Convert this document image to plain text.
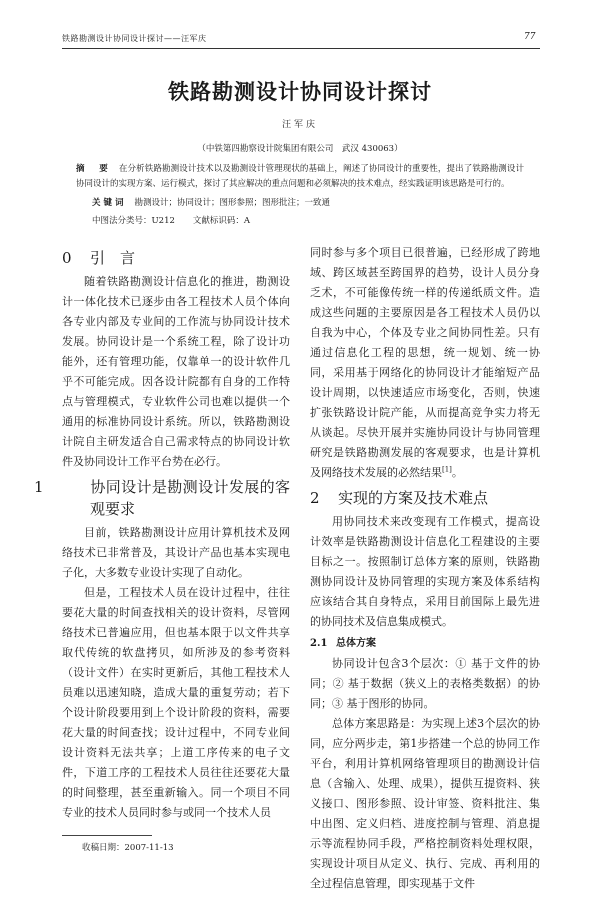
铁路勘测设计协同设计探讨——汪军庆	77
铁路勘测设计协同设计探讨
汪军庆
（中铁第四勘察设计院集团有限公司　武汉 430063）
摘　要 在分析铁路勘测设计技术以及勘测设计管理现状的基础上，阐述了协同设计的重要性，提出了铁路勘测设计协同设计的实现方案、运行模式，探讨了其应解决的重点问题和必须解决的技术难点，经实践证明该思路是可行的。
关键词 勘测设计；协同设计；图形参照；图形批注；一致通
中图法分类号：U212 文献标识码：A
0 引　言

随着铁路勘测设计信息化的推进，勘测设计一体化技术已逐步由各工程技术人员个体向各专业内部及专业间的工作流与协同设计技术发展。协同设计是一个系统工程，除了设计功能外，还有管理功能，仅靠单一的设计软件几乎不可能完成。因各设计院都有自身的工作特点与管理模式，专业软件公司也难以提供一个通用的标准协同设计系统。所以，铁路勘测设计院自主研发适合自己需求特点的协同设计软件及协同设计工作平台势在必行。

1	协同设计是勘测设计发展的客观要求

目前，铁路勘测设计应用计算机技术及网络技术已非常普及，其设计产品也基本实现电子化，大多数专业设计实现了自动化。

但是，工程技术人员在设计过程中，往往要花大量的时间查找相关的设计资料，尽管网络技术已普遍应用，但也基本限于以文件共享取代传统的软盘拷贝，如所涉及的参考资料（设计文件）在实时更新后，其他工程技术人员难以迅速知晓，造成大量的重复劳动；若下个设计阶段要用到上个设计阶段的资料，需要花大量的时间查找；设计过程中，不同专业间设计资料无法共享；上道工序传来的电子文件，下道工序的工程技术人员往往还要花大量的时间整理，甚至重新输入。同一个项目不同专业的技术人员同时参与或同一个技术人员

收稿日期：2007-11-13

同时参与多个项目已很普遍，已经形成了跨地域、跨区域甚至跨国界的趋势，设计人员分身乏术，不可能像传统一样的传递纸质文件。造成这些问题的主要原因是各工程技术人员仍以自我为中心，个体及专业之间协同性差。只有通过信息化工程的思想，统一规划、统一协同，采用基于网络化的协同设计才能缩短产品设计周期，以快速适应市场变化，否则，快速扩张铁路设计院产能，从而提高竞争实力将无从谈起。尽快开展并实施协同设计与协同管理研究是铁路勘测发展的客观要求，也是计算机及网络技术发展的必然结果[1]。

2 实现的方案及技术难点

用协同技术来改变现有工作模式，提高设计效率是铁路勘测设计信息化工程建设的主要目标之一。按照制订总体方案的原则，铁路勘测协同设计及协同管理的实现方案及体系结构应该结合其自身特点，采用目前国际上最先进的协同技术及信息集成模式。

2.1 总体方案

协同设计包含3个层次：① 基于文件的协同；② 基于数据（狭义上的表格类数据）的协同；③ 基于图形的协同。

总体方案思路是：为实现上述3个层次的协同，应分两步走，第1步搭建一个总的协同工作平台，利用计算机网络管理项目的勘测设计信息（含输入、处理、成果），提供互提资料、狭义接口、图形参照、设计审签、资料批注、集中出图、定义归档、进度控制与管理、消息提示等流程协同手段，严格控制资料处理权限，实现设计项目从定义、执行、完成、再利用的全过程信息管理，即实现基于文件
